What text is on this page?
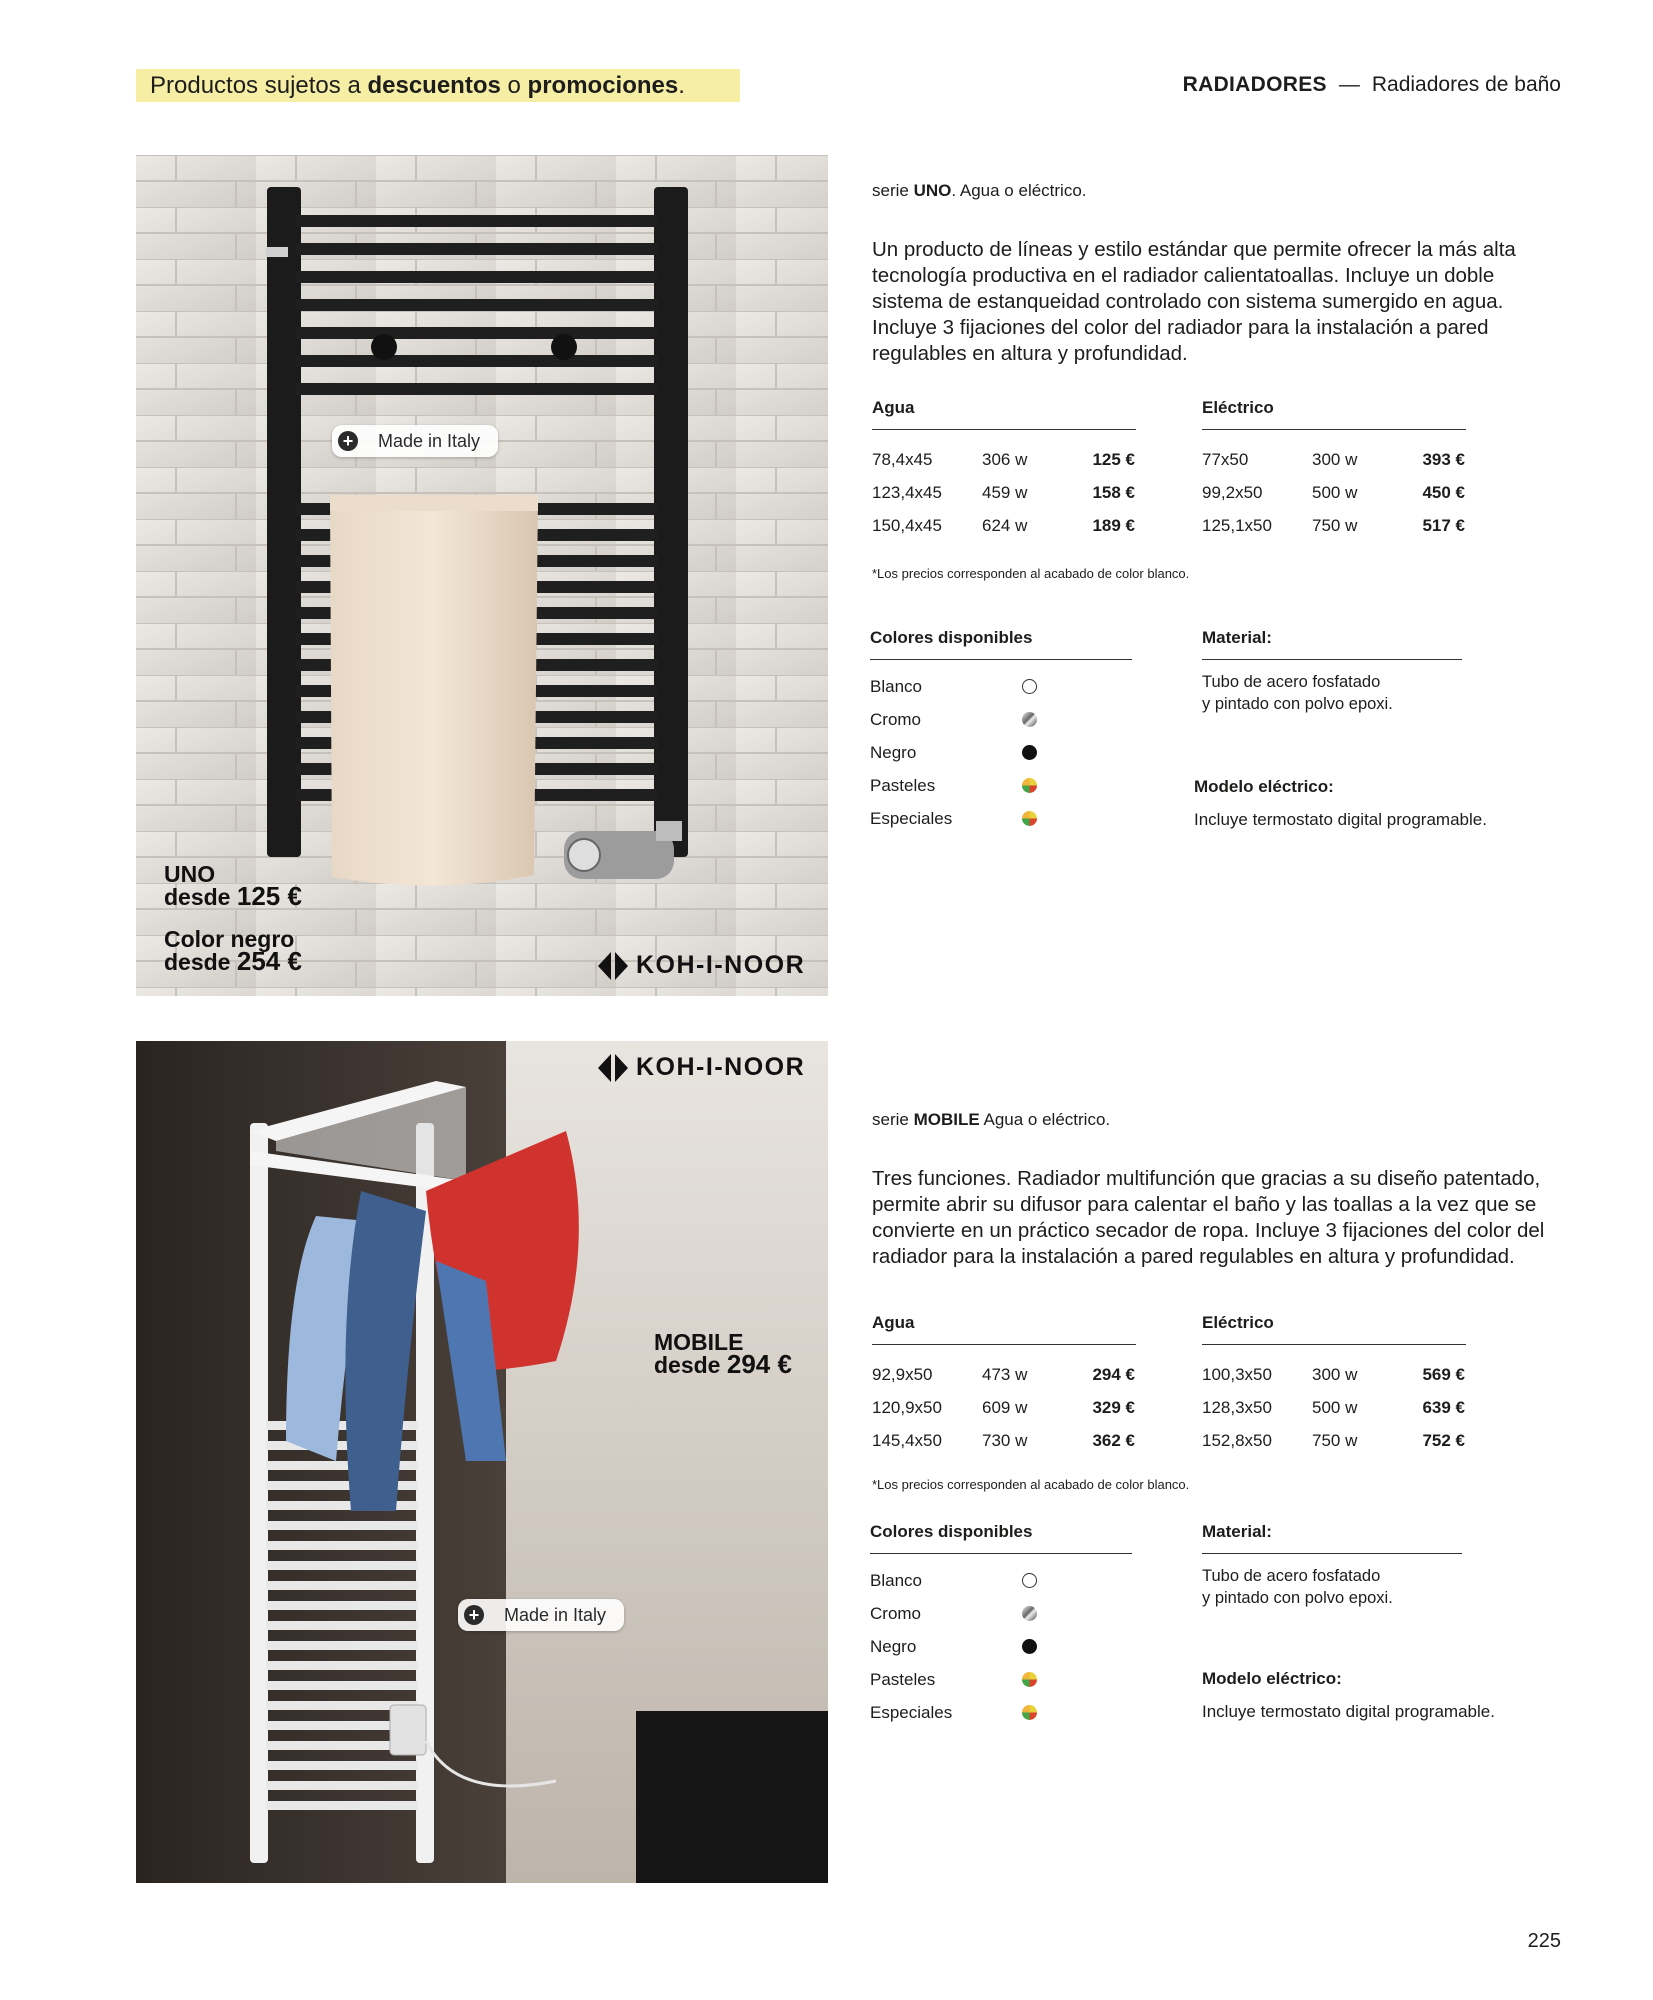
Productos sujetos a descuentos o promociones.	RADIADORES — Radiadores de baño
+ Made in Italy
UNO
desde 125 €
Color negro
desde 254 €	KOH-I-NOOR
serie UNO. Agua o eléctrico.
Un producto de líneas y estilo estándar que permite ofrecer la más alta tecnología productiva en el radiador calientatoallas. Incluye un doble sistema de estanqueidad controlado con sistema sumergido en agua. Incluye 3 fijaciones del color del radiador para la instalación a pared regulables en altura y profundidad.
Agua
78,4x45	306 w	125 €
123,4x45	459 w	158 €
150,4x45	624 w	189 €
Eléctrico
77x50	300 w	393 €
99,2x50	500 w	450 €
125,1x50	750 w	517 €
*Los precios corresponden al acabado de color blanco.
Colores disponibles
Blanco
Cromo
Negro
Pasteles
Especiales
Material:
Tubo de acero fosfatado
y pintado con polvo epoxi.
Modelo eléctrico:
Incluye termostato digital programable.
+ Made in Italy
MOBILE
desde 294 €
KOH-I-NOOR
serie MOBILE Agua o eléctrico.
Tres funciones. Radiador multifunción que gracias a su diseño patentado, permite abrir su difusor para calentar el baño y las toallas a la vez que se convierte en un práctico secador de ropa. Incluye 3 fijaciones del color del radiador para la instalación a pared regulables en altura y profundidad.
Agua
92,9x50	473 w	294 €
120,9x50	609 w	329 €
145,4x50	730 w	362 €
Eléctrico
100,3x50	300 w	569 €
128,3x50	500 w	639 €
152,8x50	750 w	752 €
*Los precios corresponden al acabado de color blanco.
Colores disponibles
Blanco
Cromo
Negro
Pasteles
Especiales
Material:
Tubo de acero fosfatado
y pintado con polvo epoxi.
Modelo eléctrico:
Incluye termostato digital programable.
225
